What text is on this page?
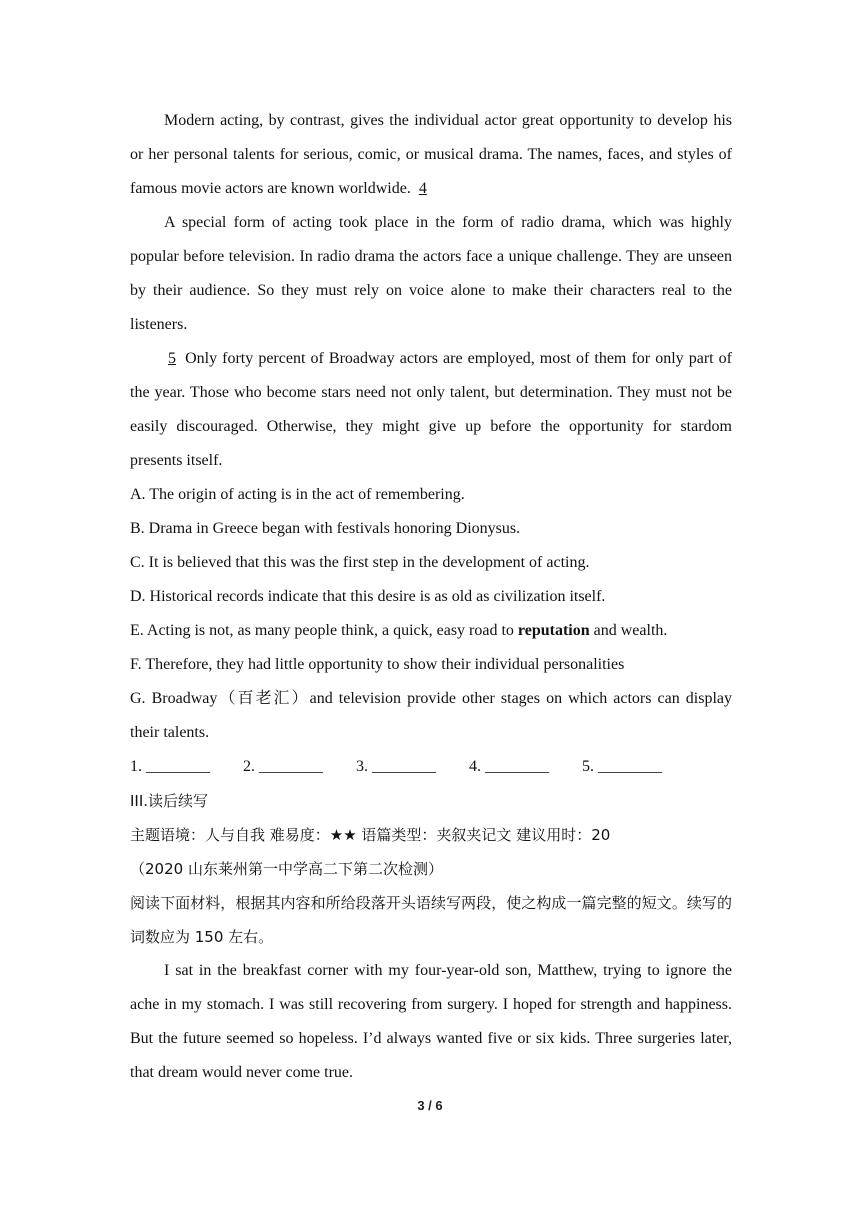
Modern acting, by contrast, gives the individual actor great opportunity to develop his or her personal talents for serious, comic, or musical drama. The names, faces, and styles of famous movie actors are known worldwide. 4

A special form of acting took place in the form of radio drama, which was highly popular before television. In radio drama the actors face a unique challenge. They are unseen by their audience. So they must rely on voice alone to make their characters real to the listeners.

5 Only forty percent of Broadway actors are employed, most of them for only part of the year. Those who become stars need not only talent, but determination. They must not be easily discouraged. Otherwise, they might give up before the opportunity for stardom presents itself.

A. The origin of acting is in the act of remembering.

B. Drama in Greece began with festivals honoring Dionysus.

C. It is believed that this was the first step in the development of acting.

D. Historical records indicate that this desire is as old as civilization itself.

E. Acting is not, as many people think, a quick, easy road to reputation and wealth.

F. Therefore, they had little opportunity to show their individual personalities

G. Broadway（百老汇）and television provide other stages on which actors can display their talents.

1. ________	2. ________	3. ________	4. ________	5. ________

III.读后续写

主题语境：人与自我 难易度：★★ 语篇类型：夹叙夹记文 建议用时：20

（2020 山东莱州第一中学高二下第二次检测）

阅读下面材料，根据其内容和所给段落开头语续写两段，使之构成一篇完整的短文。续写的词数应为 150 左右。

I sat in the breakfast corner with my four-year-old son, Matthew, trying to ignore the ache in my stomach. I was still recovering from surgery. I hoped for strength and happiness. But the future seemed so hopeless. I’d always wanted five or six kids. Three surgeries later, that dream would never come true.

3 / 6
